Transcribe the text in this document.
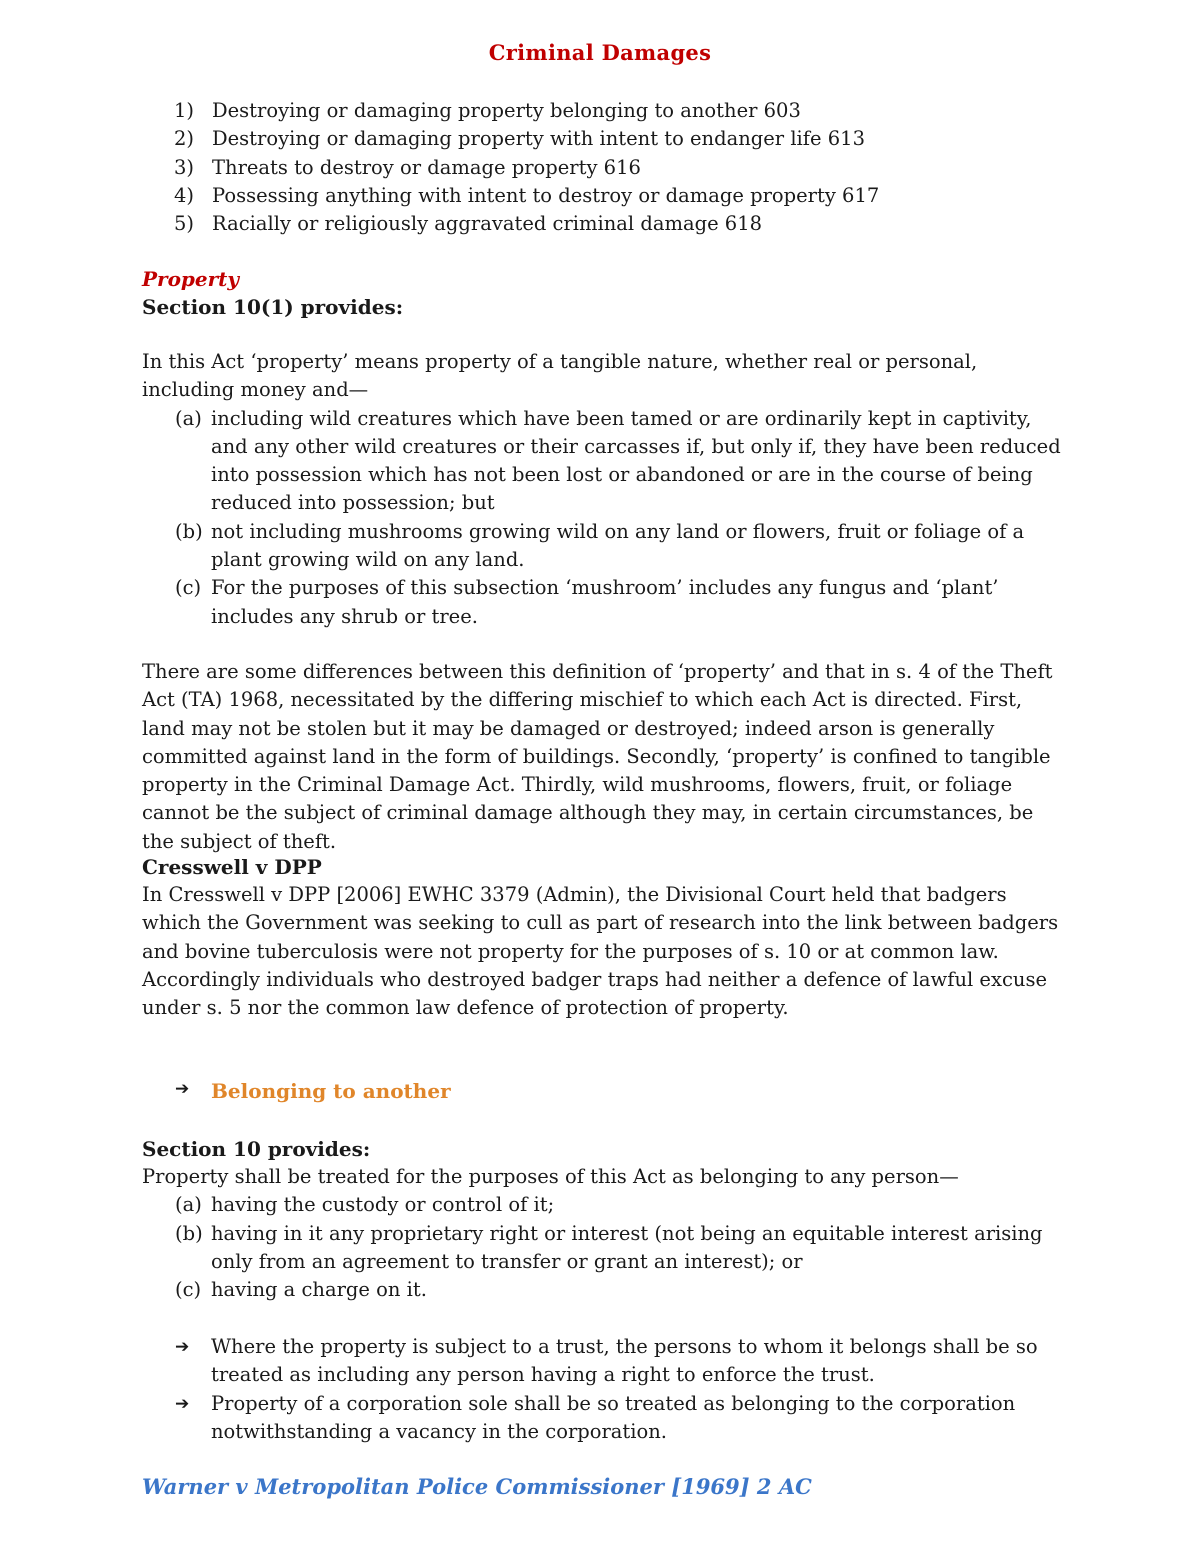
Criminal Damages
1) Destroying or damaging property belonging to another 603
2) Destroying or damaging property with intent to endanger life 613
3) Threats to destroy or damage property 616
4) Possessing anything with intent to destroy or damage property 617
5) Racially or religiously aggravated criminal damage 618
Property
Section 10(1) provides:
In this Act ‘property’ means property of a tangible nature, whether real or personal, including money and—
(a) including wild creatures which have been tamed or are ordinarily kept in captivity, and any other wild creatures or their carcasses if, but only if, they have been reduced into possession which has not been lost or abandoned or are in the course of being reduced into possession; but
(b) not including mushrooms growing wild on any land or flowers, fruit or foliage of a plant growing wild on any land.
(c) For the purposes of this subsection ‘mushroom’ includes any fungus and ‘plant’ includes any shrub or tree.
There are some differences between this definition of ‘property’ and that in s. 4 of the Theft Act (TA) 1968, necessitated by the differing mischief to which each Act is directed. First, land may not be stolen but it may be damaged or destroyed; indeed arson is generally committed against land in the form of buildings. Secondly, ‘property’ is confined to tangible property in the Criminal Damage Act. Thirdly, wild mushrooms, flowers, fruit, or foliage cannot be the subject of criminal damage although they may, in certain circumstances, be the subject of theft.
Cresswell v DPP
In Cresswell v DPP [2006] EWHC 3379 (Admin), the Divisional Court held that badgers which the Government was seeking to cull as part of research into the link between badgers and bovine tuberculosis were not property for the purposes of s. 10 or at common law. Accordingly individuals who destroyed badger traps had neither a defence of lawful excuse under s. 5 nor the common law defence of protection of property.
➔	Belonging to another
Section 10 provides:
Property shall be treated for the purposes of this Act as belonging to any person—
(a) having the custody or control of it;
(b) having in it any proprietary right or interest (not being an equitable interest arising only from an agreement to transfer or grant an interest); or
(c) having a charge on it.
➔	Where the property is subject to a trust, the persons to whom it belongs shall be so treated as including any person having a right to enforce the trust.
➔	Property of a corporation sole shall be so treated as belonging to the corporation notwithstanding a vacancy in the corporation.
Warner v Metropolitan Police Commissioner [1969] 2 AC
